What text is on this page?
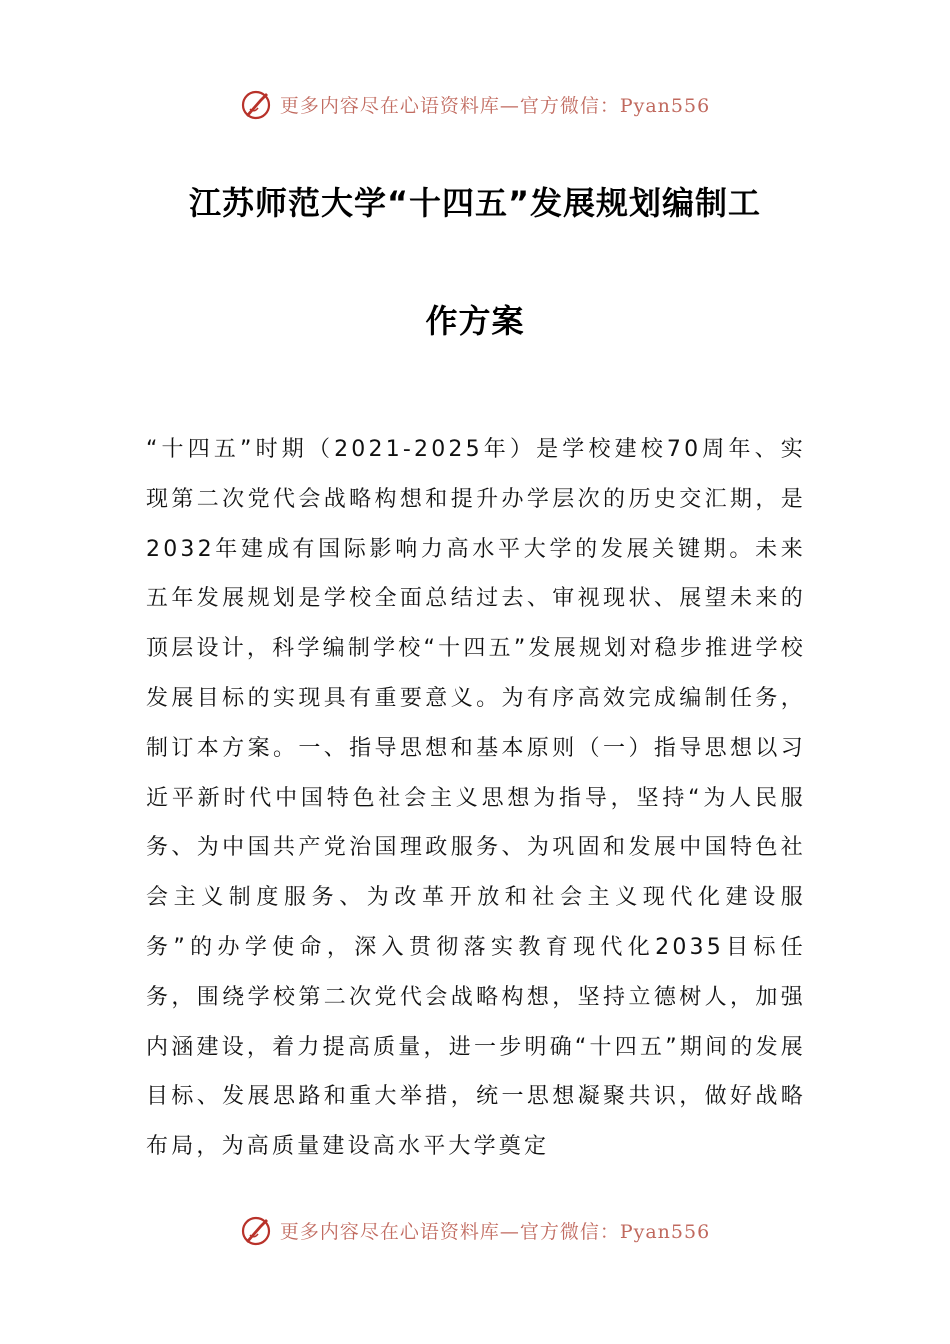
更多内容尽在心语资料库—官方微信：Pyan556
江苏师范大学“十四五”发展规划编制工
作方案
“十四五”时期（2021-2025年）是学校建校70周年、实现第二次党代会战略构想和提升办学层次的历史交汇期，是2032年建成有国际影响力高水平大学的发展关键期。未来五年发展规划是学校全面总结过去、审视现状、展望未来的顶层设计，科学编制学校“十四五”发展规划对稳步推进学校发展目标的实现具有重要意义。为有序高效完成编制任务，制订本方案。一、指导思想和基本原则（一）指导思想以习近平新时代中国特色社会主义思想为指导，坚持“为人民服务、为中国共产党治国理政服务、为巩固和发展中国特色社会主义制度服务、为改革开放和社会主义现代化建设服务”的办学使命，深入贯彻落实教育现代化2035目标任务，围绕学校第二次党代会战略构想，坚持立德树人，加强内涵建设，着力提高质量，进一步明确“十四五”期间的发展目标、发展思路和重大举措，统一思想凝聚共识，做好战略布局，为高质量建设高水平大学奠定
更多内容尽在心语资料库—官方微信：Pyan556
